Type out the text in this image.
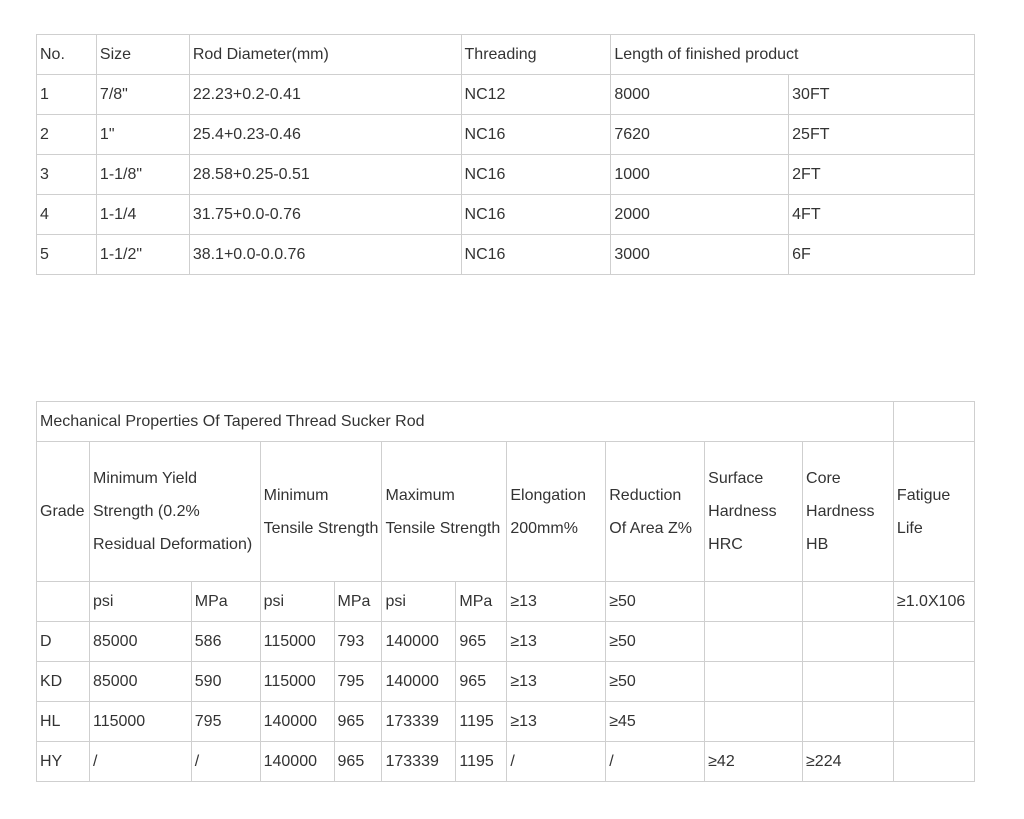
No.	Size	Rod Diameter(mm)	Threading	Length of finished product	
1	7/8"	22.23+0.2-0.41	NC12	8000	30FT
2	1"	25.4+0.23-0.46	NC16	7620	25FT
3	1-1/8"	28.58+0.25-0.51	NC16	1000	2FT
4	1-1/4	31.75+0.0-0.76	NC16	2000	4FT
5	1-1/2"	38.1+0.0-0.0.76	NC16	3000	6F
Mechanical Properties Of Tapered Thread Sucker Rod											
Grade	Minimum Yield Strength (0.2% Residual Deformation)		Minimum Tensile Strength		Maximum Tensile Strength		Elongation 200mm%	Reduction Of Area Z%	Surface Hardness HRC	Core Hardness HB	Fatigue Life
	psi	MPa	psi	MPa	psi	MPa	≥13	≥50			≥1.0X106
D	85000	586	115000	793	140000	965	≥13	≥50			
KD	85000	590	115000	795	140000	965	≥13	≥50			
HL	115000	795	140000	965	173339	1195	≥13	≥45			
HY	/	/	140000	965	173339	1195	/	/	≥42	≥224	
